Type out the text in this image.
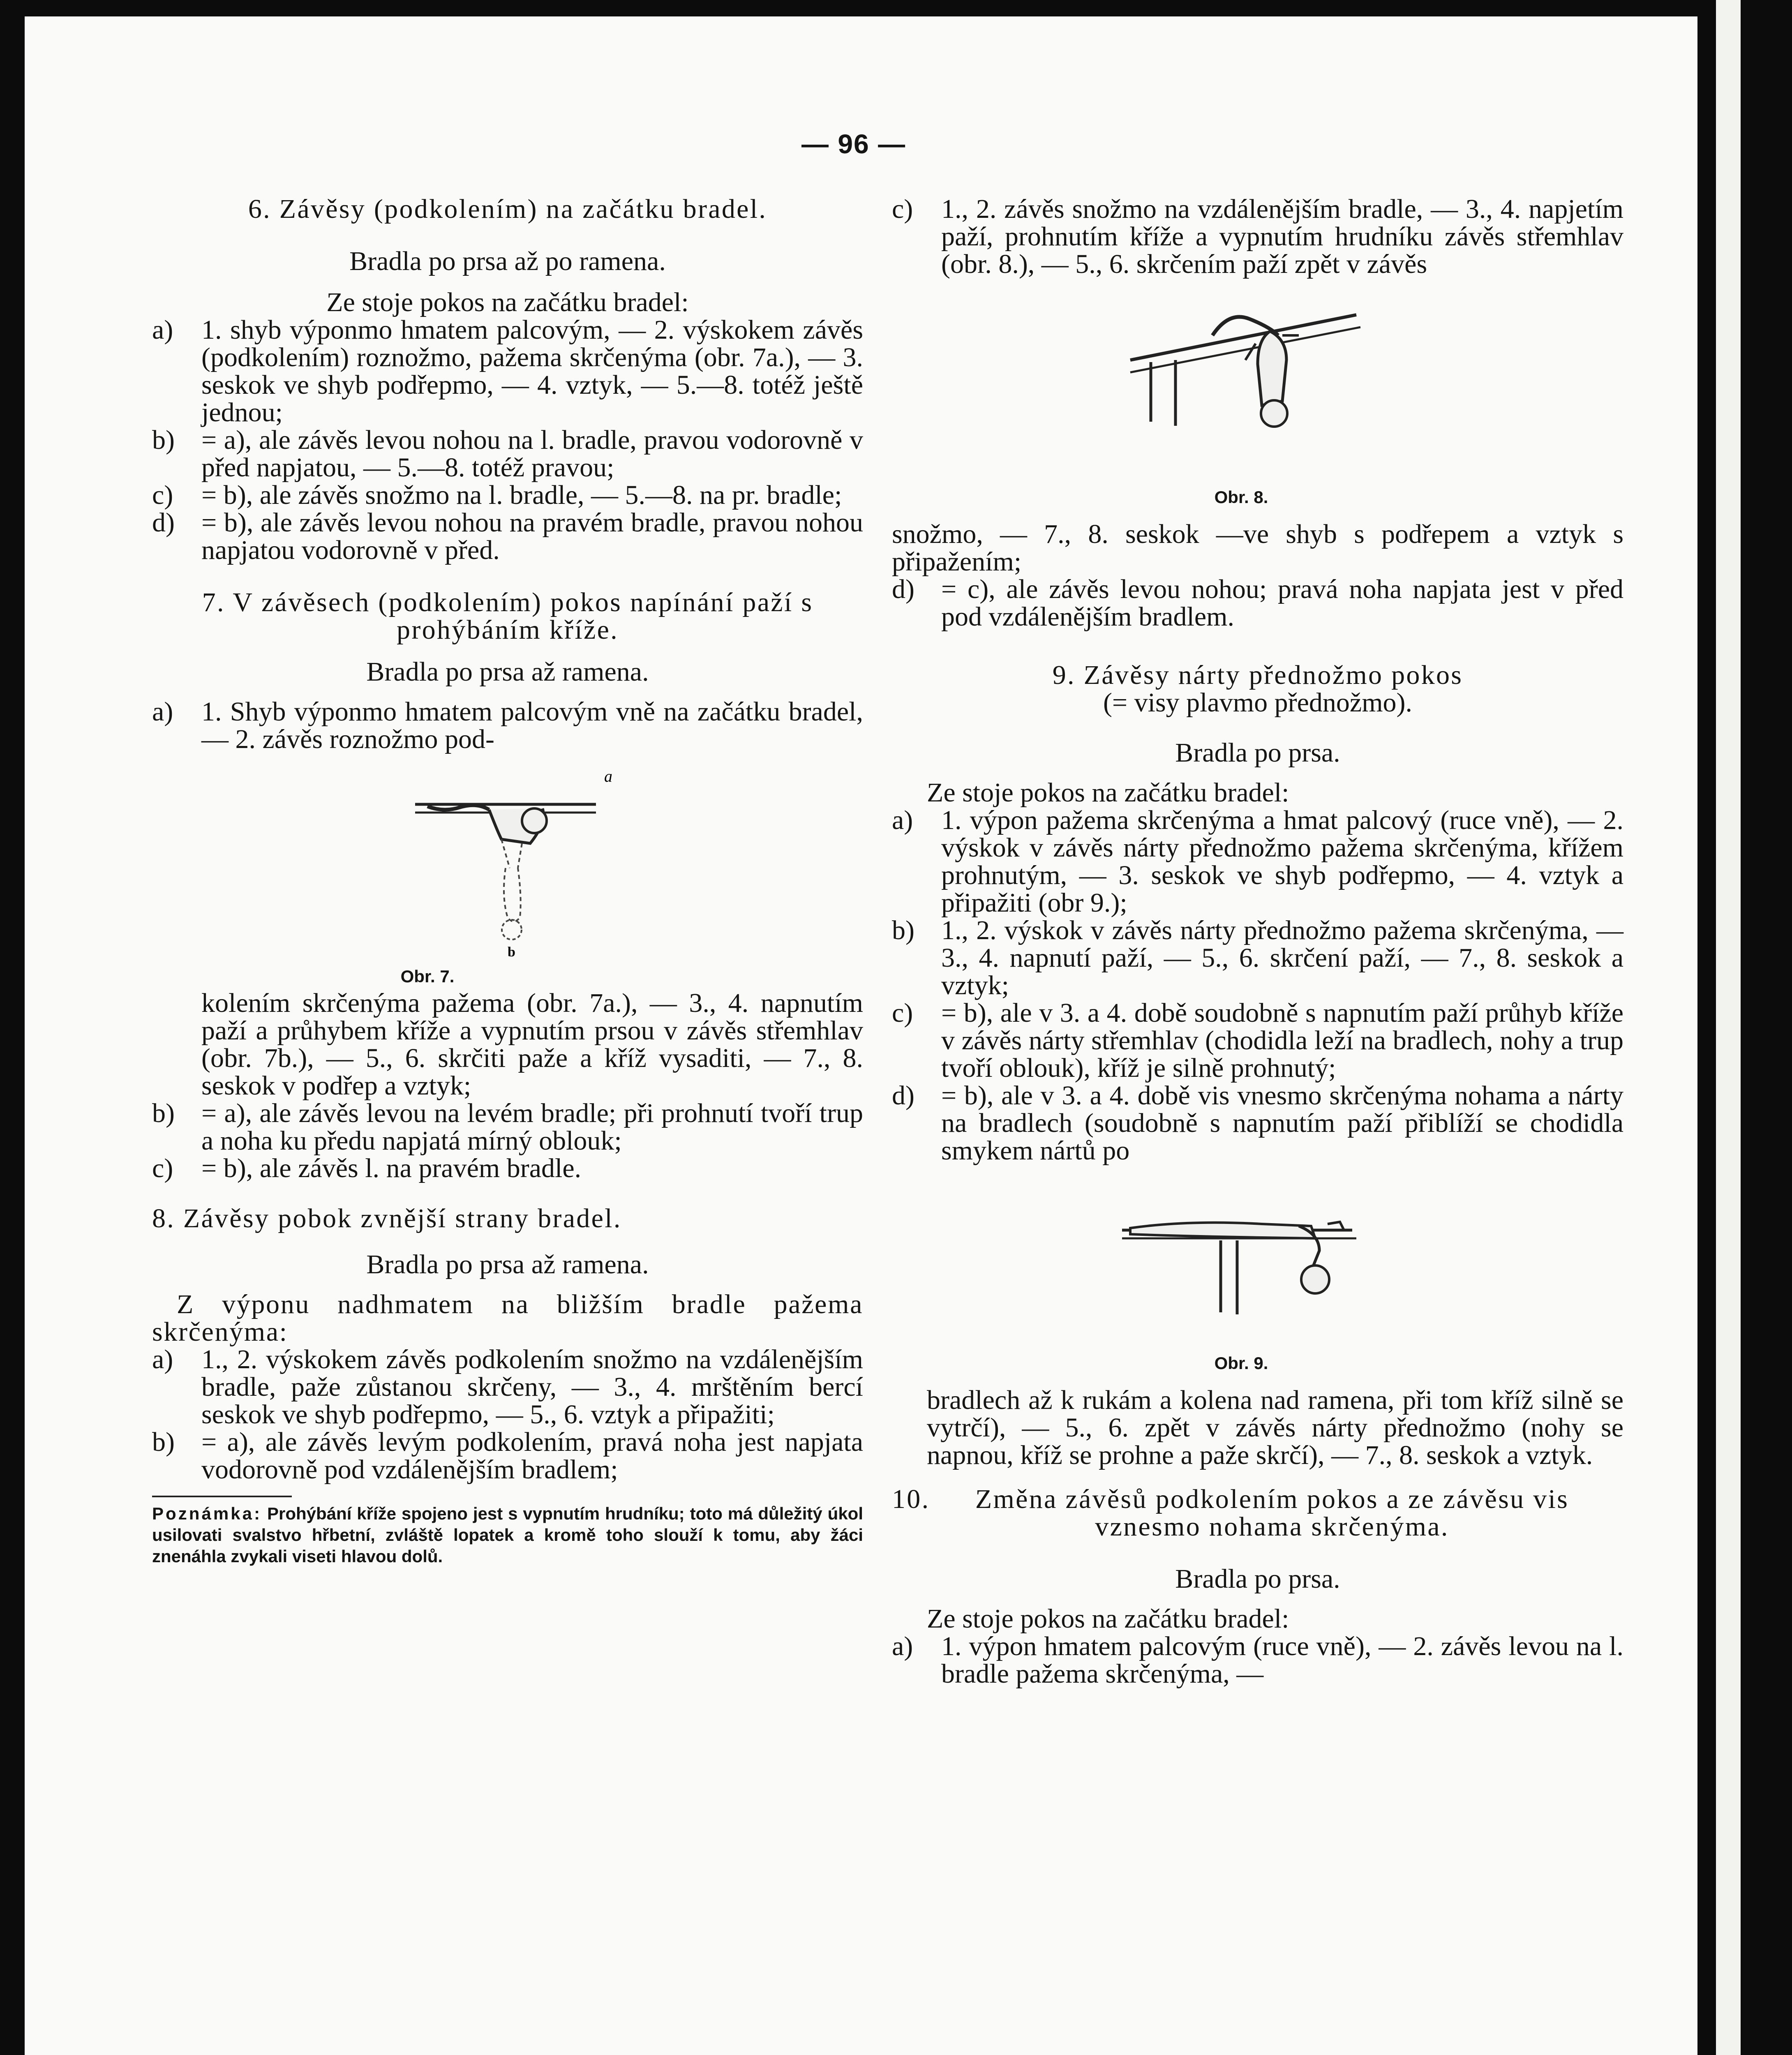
— 96 —

6. Závěsy (podkolením) na začátku bradel.

Bradla po prsa až po ramena.

Ze stoje pokos na začátku bradel:

a) 1. shyb výponmo hmatem palcovým, — 2. výskokem závěs (podkolením) roznožmo, pažema skrčenýma (obr. 7a.), — 3. seskok ve shyb podřepmo, — 4. vztyk, — 5.—8. totéž ještě jednou;

b) = a), ale závěs levou nohou na l. bradle, pravou vodorovně v před napjatou, — 5.—8. totéž pravou;

c) = b), ale závěs snožmo na l. bradle, — 5.—8. na pr. bradle;

d) = b), ale závěs levou nohou na pravém bradle, pravou nohou napjatou vodorovně v před.

7. V závěsech (podkolením) pokos napínání paží s prohýbáním kříže.

Bradla po prsa až ramena.

a) 1. Shyb výponmo hmatem palcovým vně na začátku bradel, — 2. závěs roznožmo pod-

a
b
Obr. 7.

kolením skrčenýma pažema (obr. 7a.), — 3., 4. napnutím paží a průhybem kříže a vypnutím prsou v závěs střemhlav (obr. 7b.), — 5., 6. skrčiti paže a kříž vysaditi, — 7., 8. seskok v podřep a vztyk;

b) = a), ale závěs levou na levém bradle; při prohnutí tvoří trup a noha ku předu napjatá mírný oblouk;

c) = b), ale závěs l. na pravém bradle.

8. Závěsy pobok zvnější strany bradel.

Bradla po prsa až ramena.

Z výponu nadhmatem na bližším bradle pažema skrčenýma:

a) 1., 2. výskokem závěs podkolením snožmo na vzdálenějším bradle, paže zůstanou skrčeny, — 3., 4. mrštěním bercí seskok ve shyb podřepmo, — 5., 6. vztyk a připažiti;

b) = a), ale závěs levým podkolením, pravá noha jest napjata vodorovně pod vzdálenějším bradlem;

Poznámka: Prohýbání kříže spojeno jest s vypnutím hrudníku; toto má důležitý úkol usilovati svalstvo hřbetní, zvláště lopatek a kromě toho slouží k tomu, aby žáci znenáhla zvykali viseti hlavou dolů.

c) 1., 2. závěs snožmo na vzdálenějším bradle, — 3., 4. napjetím paží, prohnutím kříže a vypnutím hrudníku závěs střemhlav (obr. 8.), — 5., 6. skrčením paží zpět v závěs

Obr. 8.

snožmo, — 7., 8. seskok —ve shyb s podřepem a vztyk s připažením;

d) = c), ale závěs levou nohou; pravá noha napjata jest v před pod vzdálenějším bradlem.

9. Závěsy nárty přednožmo pokos

(= visy plavmo přednožmo).

Bradla po prsa.

Ze stoje pokos na začátku bradel:

a) 1. výpon pažema skrčenýma a hmat palcový (ruce vně), — 2. výskok v závěs nárty přednožmo pažema skrčenýma, křížem prohnutým, — 3. seskok ve shyb podřepmo, — 4. vztyk a připažiti (obr 9.);

b) 1., 2. výskok v závěs nárty přednožmo pažema skrčenýma, — 3., 4. napnutí paží, — 5., 6. skrčení paží, — 7., 8. seskok a vztyk;

c) = b), ale v 3. a 4. době soudobně s napnutím paží průhyb kříže v závěs nárty střemhlav (chodidla leží na bradlech, nohy a trup tvoří oblouk), kříž je silně prohnutý;

d) = b), ale v 3. a 4. době vis vnesmo skrčenýma nohama a nárty na bradlech (soudobně s napnutím paží přiblíží se chodidla smykem nártů po

Obr. 9.

bradlech až k rukám a kolena nad ramena, při tom kříž silně se vytrčí), — 5., 6. zpět v závěs nárty přednožmo (nohy se napnou, kříž se prohne a paže skrčí), — 7., 8. seskok a vztyk.

10. Změna závěsů podkolením pokos a ze závěsu vis vznesmo nohama skrčenýma.

Bradla po prsa.

Ze stoje pokos na začátku bradel:

a) 1. výpon hmatem palcovým (ruce vně), — 2. závěs levou na l. bradle pažema skrčenýma, —
